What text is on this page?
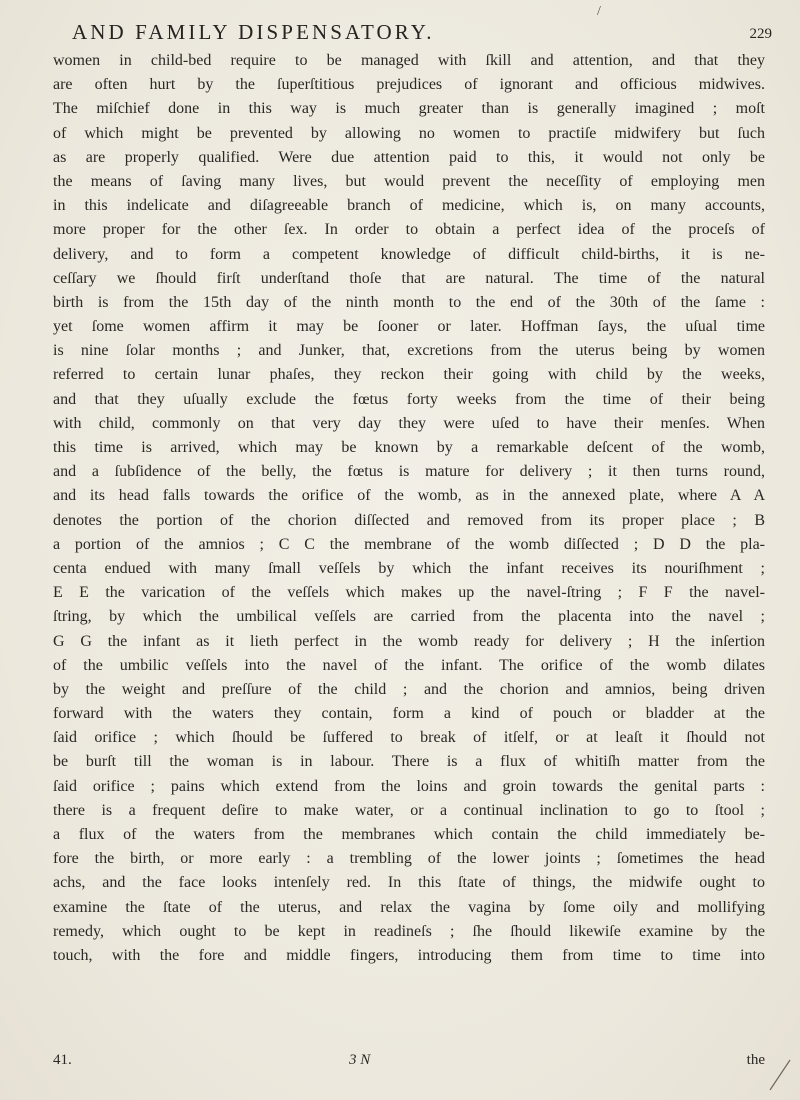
/
AND FAMILY DISPENSATORY.	229
women in child-bed require to be managed with ſkill and attention, and that they
are often hurt by the ſuperſtitious prejudices of ignorant and officious midwives.
The miſchief done in this way is much greater than is generally imagined ; moſt
of which might be prevented by allowing no women to practiſe midwifery but ſuch
as are properly qualified. Were due attention paid to this, it would not only be
the means of ſaving many lives, but would prevent the neceſſity of employing men
in this indelicate and diſagreeable branch of medicine, which is, on many accounts,
more proper for the other ſex. In order to obtain a perfect idea of the proceſs of
delivery, and to form a competent knowledge of difficult child-births, it is ne-
ceſſary we ſhould firſt underſtand thoſe that are natural. The time of the natural
birth is from the 15th day of the ninth month to the end of the 30th of the ſame :
yet ſome women affirm it may be ſooner or later. Hoffman ſays, the uſual time
is nine ſolar months ; and Junker, that, excretions from the uterus being by women
referred to certain lunar phaſes, they reckon their going with child by the weeks,
and that they uſually exclude the fœtus forty weeks from the time of their being
with child, commonly on that very day they were uſed to have their menſes. When
this time is arrived, which may be known by a remarkable deſcent of the womb,
and a ſubſidence of the belly, the fœtus is mature for delivery ; it then turns round,
and its head falls towards the orifice of the womb, as in the annexed plate, where A A
denotes the portion of the chorion diſſected and removed from its proper place ; B
a portion of the amnios ; C C the membrane of the womb diſſected ; D D the pla-
centa endued with many ſmall veſſels by which the infant receives its nouriſhment ;
E E the varication of the veſſels which makes up the navel-ſtring ; F F the navel-
ſtring, by which the umbilical veſſels are carried from the placenta into the navel ;
G G the infant as it lieth perfect in the womb ready for delivery ; H the inſertion
of the umbilic veſſels into the navel of the infant. The orifice of the womb dilates
by the weight and preſſure of the child ; and the chorion and amnios, being driven
forward with the waters they contain, form a kind of pouch or bladder at the
ſaid orifice ; which ſhould be ſuffered to break of itſelf, or at leaſt it ſhould not
be burſt till the woman is in labour. There is a flux of whitiſh matter from the
ſaid orifice ; pains which extend from the loins and groin towards the genital parts :
there is a frequent deſire to make water, or a continual inclination to go to ſtool ;
a flux of the waters from the membranes which contain the child immediately be-
fore the birth, or more early : a trembling of the lower joints ; ſometimes the head
achs, and the face looks intenſely red. In this ſtate of things, the midwife ought to
examine the ſtate of the uterus, and relax the vagina by ſome oily and mollifying
remedy, which ought to be kept in readineſs ; ſhe ſhould likewiſe examine by the
touch, with the fore and middle fingers, introducing them from time to time into
41.	3 N	the
